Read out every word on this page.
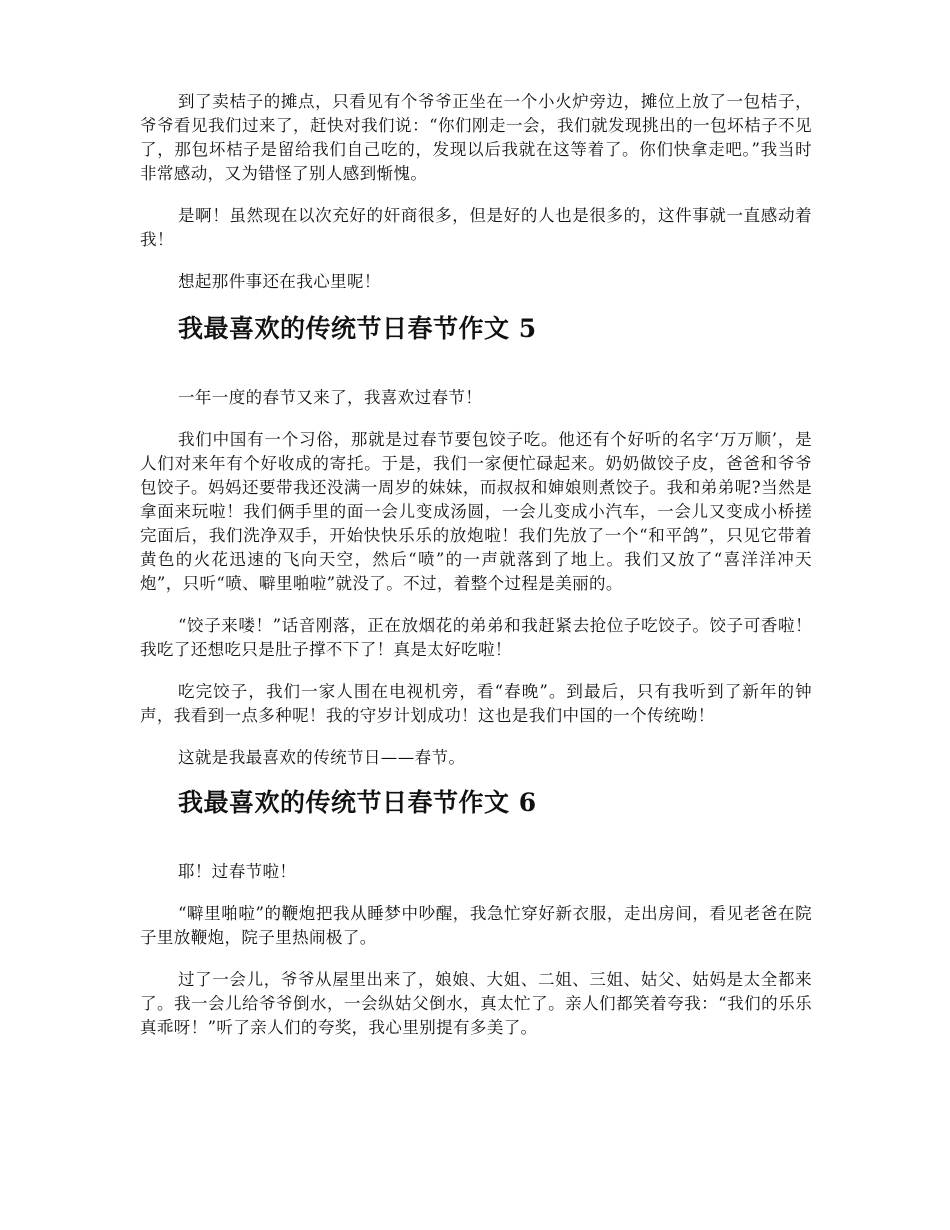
到了卖桔子的摊点，只看见有个爷爷正坐在一个小火炉旁边，摊位上放了一包桔子，爷爷看见我们过来了，赶快对我们说：“你们刚走一会，我们就发现挑出的一包坏桔子不见了，那包坏桔子是留给我们自己吃的，发现以后我就在这等着了。你们快拿走吧。”我当时非常感动，又为错怪了别人感到惭愧。

是啊！虽然现在以次充好的奸商很多，但是好的人也是很多的，这件事就一直感动着我！

想起那件事还在我心里呢！

我最喜欢的传统节日春节作文 5

一年一度的春节又来了，我喜欢过春节！

我们中国有一个习俗，那就是过春节要包饺子吃。他还有个好听的名字‘万万顺’，是人们对来年有个好收成的寄托。于是，我们一家便忙碌起来。奶奶做饺子皮，爸爸和爷爷包饺子。妈妈还要带我还没满一周岁的妹妹，而叔叔和婶娘则煮饺子。我和弟弟呢?当然是拿面来玩啦！我们俩手里的面一会儿变成汤圆，一会儿变成小汽车，一会儿又变成小桥搓完面后，我们洗净双手，开始快快乐乐的放炮啦！我们先放了一个“和平鸽”，只见它带着黄色的火花迅速的飞向天空，然后“喷”的一声就落到了地上。我们又放了“喜洋洋冲天炮”，只听“喷、噼里啪啦”就没了。不过，着整个过程是美丽的。

“饺子来喽！”话音刚落，正在放烟花的弟弟和我赶紧去抢位子吃饺子。饺子可香啦！我吃了还想吃只是肚子撑不下了！真是太好吃啦！

吃完饺子，我们一家人围在电视机旁，看“春晚”。到最后，只有我听到了新年的钟声，我看到一点多种呢！我的守岁计划成功！这也是我们中国的一个传统呦！

这就是我最喜欢的传统节日——春节。

我最喜欢的传统节日春节作文 6

耶！过春节啦！

“噼里啪啦”的鞭炮把我从睡梦中吵醒，我急忙穿好新衣服，走出房间，看见老爸在院子里放鞭炮，院子里热闹极了。

过了一会儿，爷爷从屋里出来了，娘娘、大姐、二姐、三姐、姑父、姑妈是太全都来了。我一会儿给爷爷倒水，一会纵姑父倒水，真太忙了。亲人们都笑着夸我：“我们的乐乐真乖呀！”听了亲人们的夸奖，我心里别提有多美了。
